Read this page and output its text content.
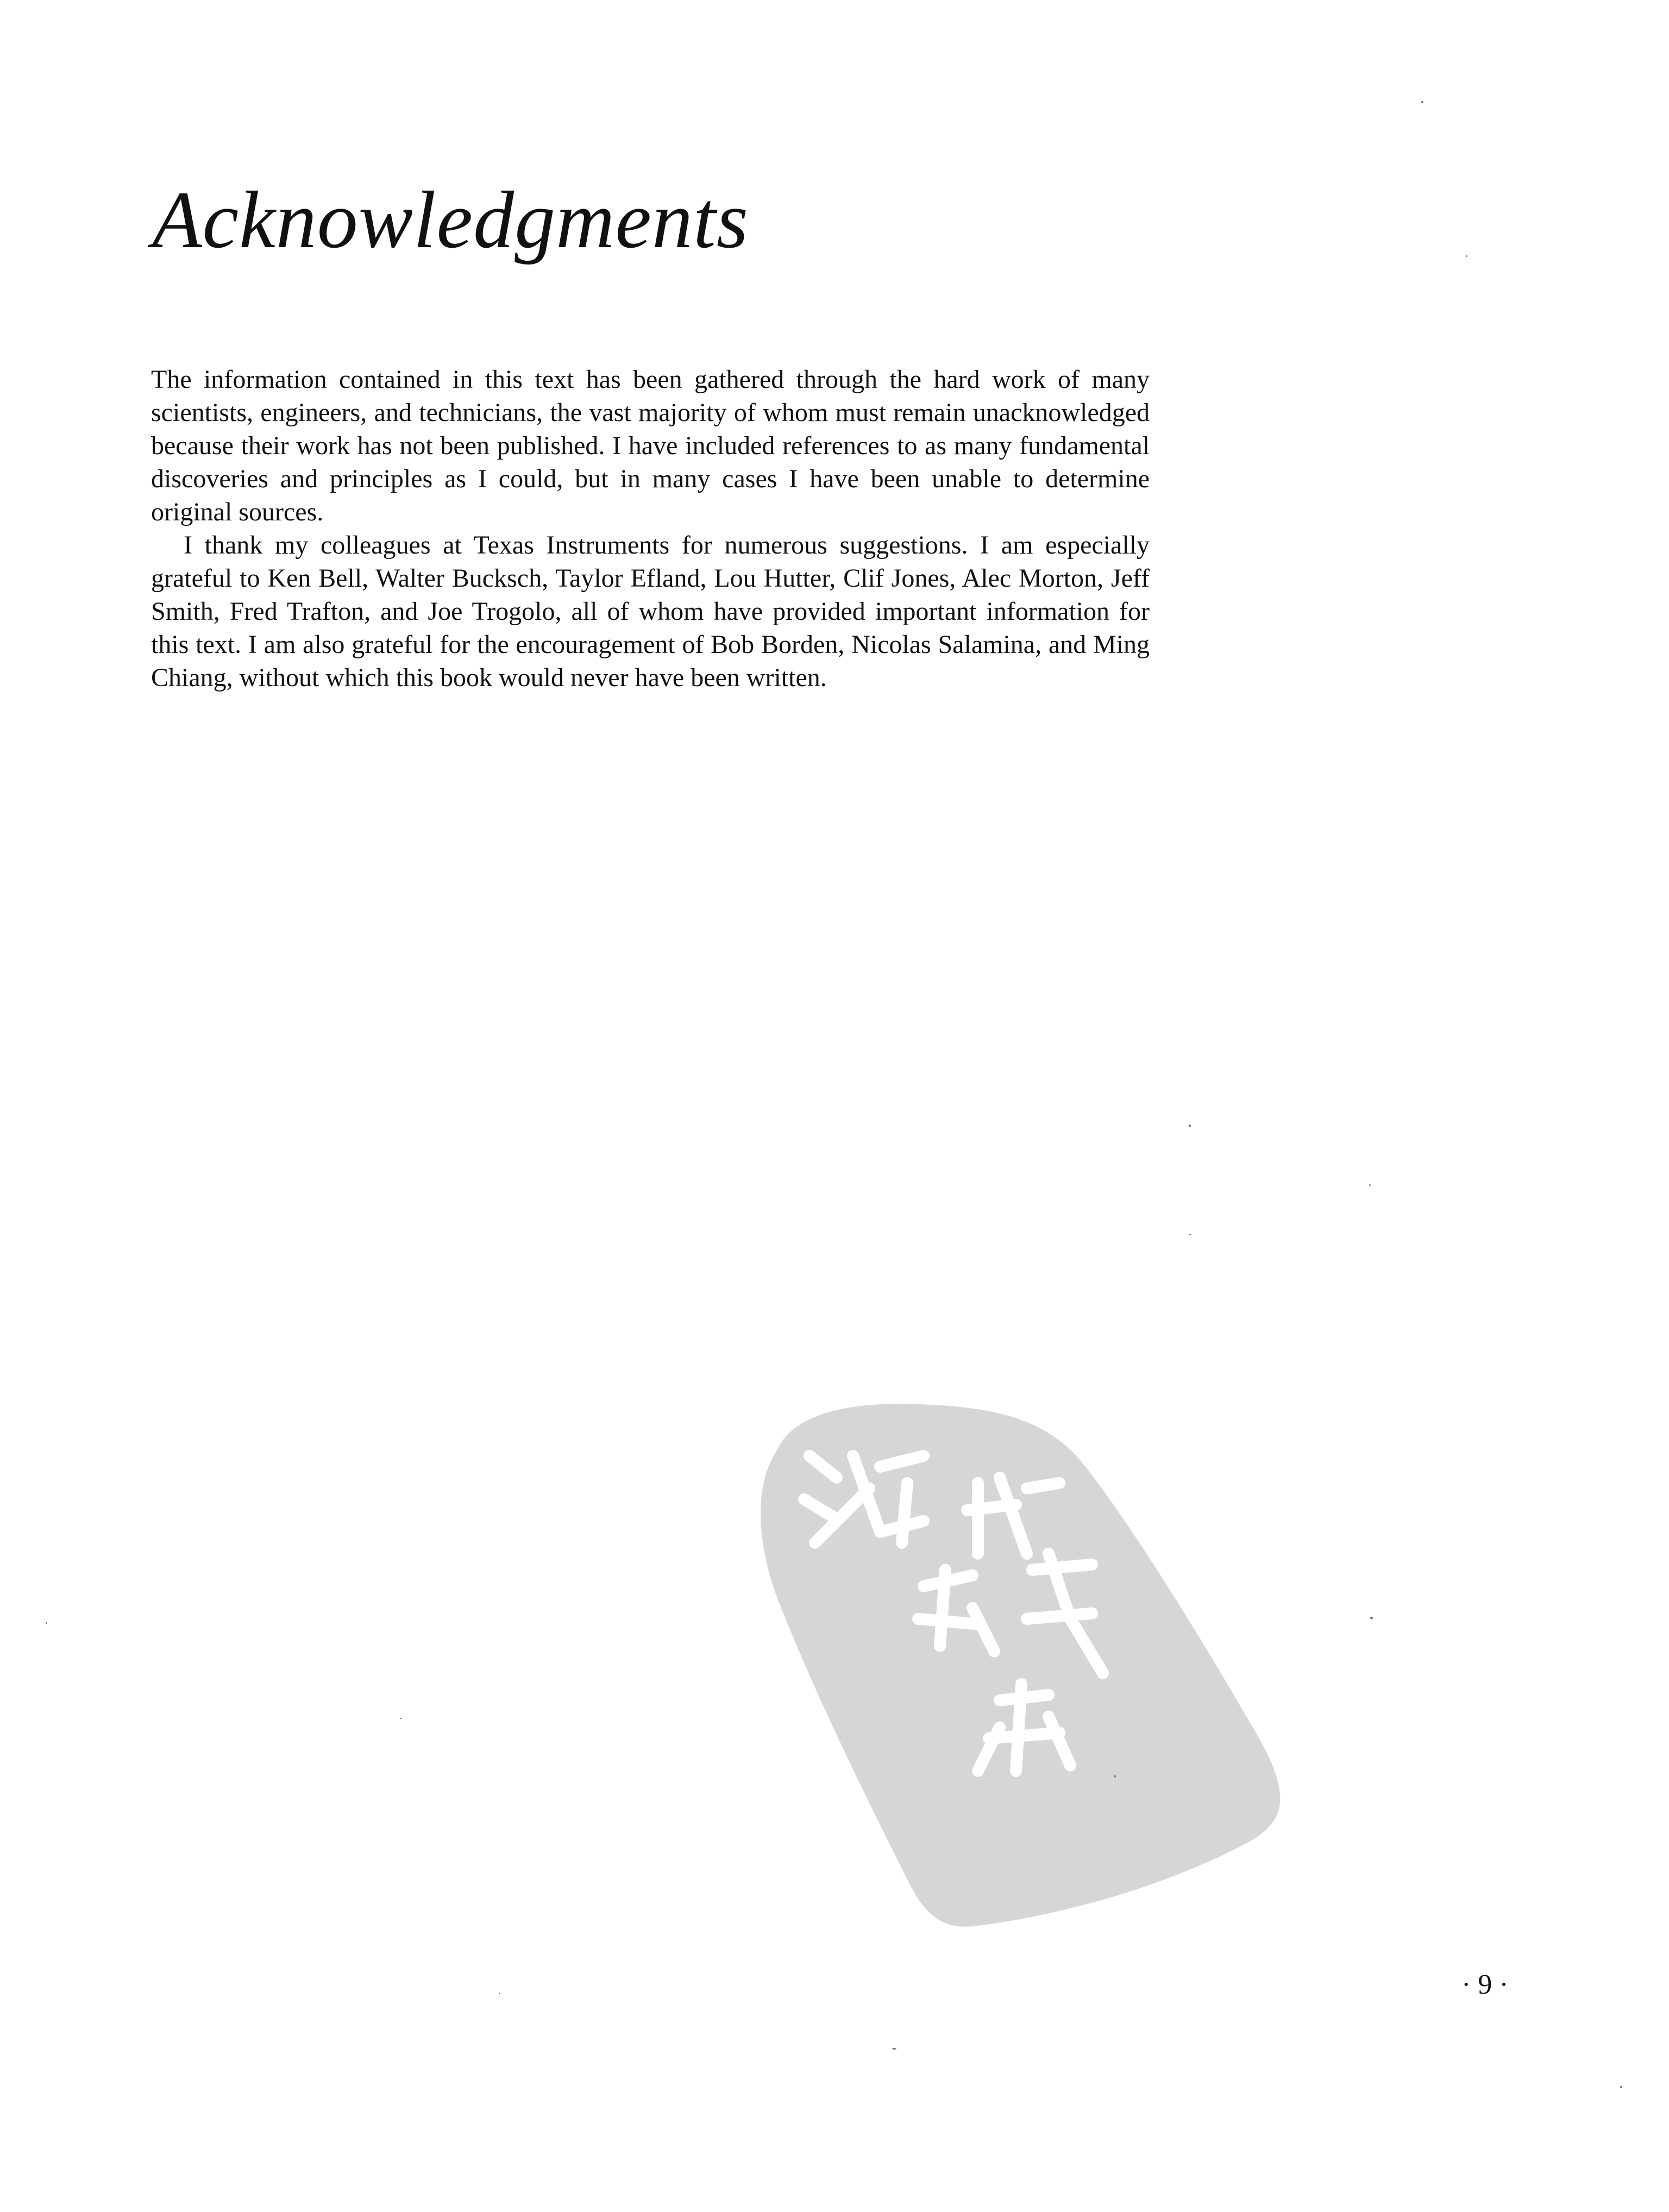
Acknowledgments

The information contained in this text has been gathered through the hard work of many scientists, engineers, and technicians, the vast majority of whom must remain unacknowledged because their work has not been published. I have included references to as many fundamental discoveries and principles as I could, but in many cases I have been unable to determine original sources.

I thank my colleagues at Texas Instruments for numerous suggestions. I am especially grateful to Ken Bell, Walter Bucksch, Taylor Efland, Lou Hutter, Clif Jones, Alec Morton, Jeff Smith, Fred Trafton, and Joe Trogolo, all of whom have provided important information for this text. I am also grateful for the encouragement of Bob Borden, Nicolas Salamina, and Ming Chiang, without which this book would never have been written.

· 9 ·
